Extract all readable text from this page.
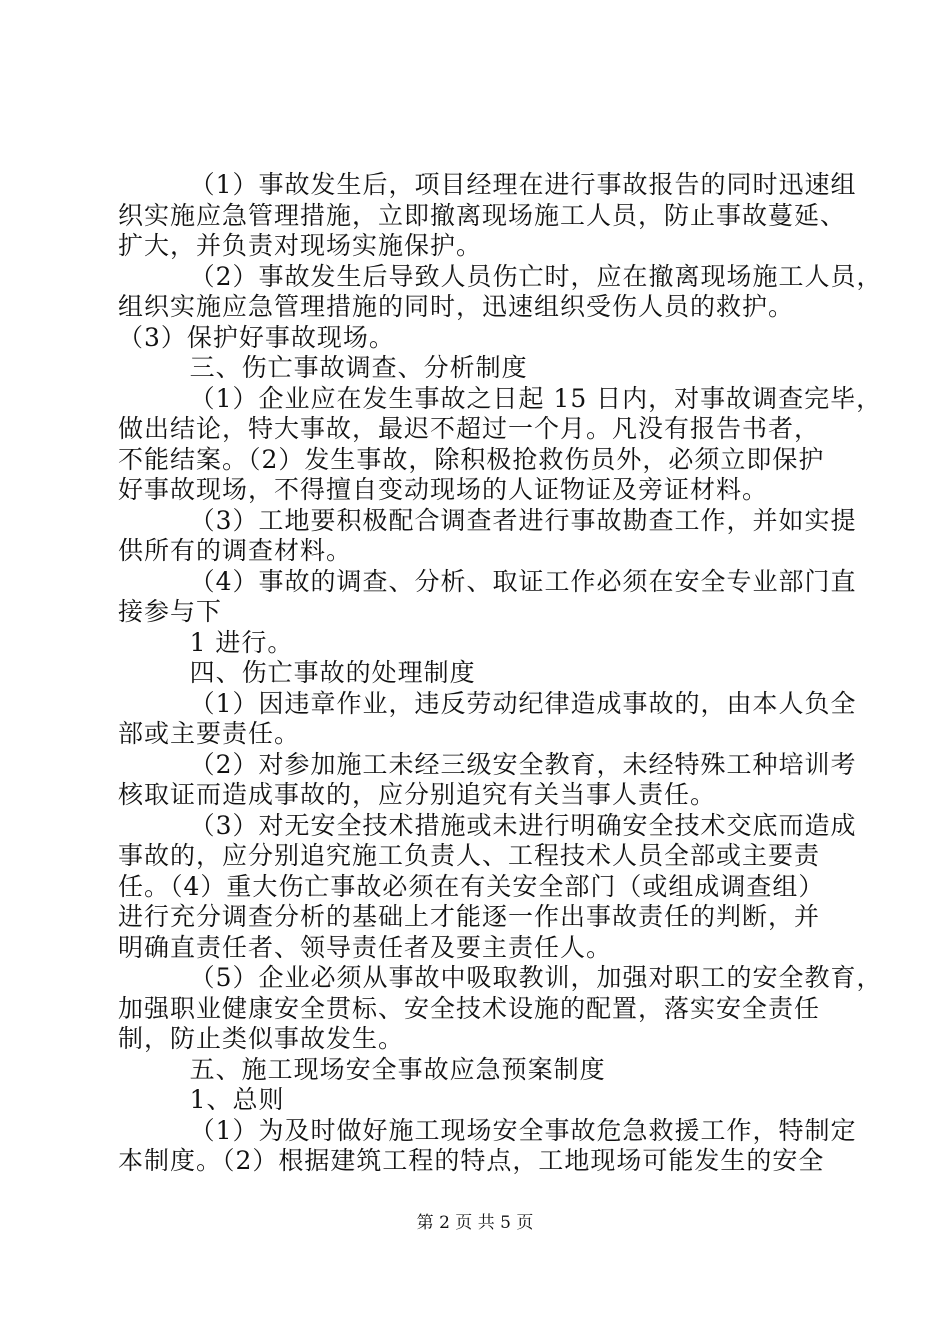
（1）事故发生后，项目经理在进行事故报告的同时迅速组
织实施应急管理措施，立即撤离现场施工人员，防止事故蔓延、
扩大，并负责对现场实施保护。
（2）事故发生后导致人员伤亡时，应在撤离现场施工人员，
组织实施应急管理措施的同时，迅速组织受伤人员的救护。
（3）保护好事故现场。
三、伤亡事故调查、分析制度
（1）企业应在发生事故之日起 15 日内，对事故调查完毕，
做出结论，特大事故，最迟不超过一个月。凡没有报告书者，
不能结案。（2）发生事故，除积极抢救伤员外，必须立即保护
好事故现场，不得擅自变动现场的人证物证及旁证材料。
（3）工地要积极配合调查者进行事故勘查工作，并如实提
供所有的调查材料。
（4）事故的调查、分析、取证工作必须在安全专业部门直
接参与下
1 进行。
四、伤亡事故的处理制度
（1）因违章作业，违反劳动纪律造成事故的，由本人负全
部或主要责任。
（2）对参加施工未经三级安全教育，未经特殊工种培训考
核取证而造成事故的，应分别追究有关当事人责任。
（3）对无安全技术措施或未进行明确安全技术交底而造成
事故的，应分别追究施工负责人、工程技术人员全部或主要责
任。（4）重大伤亡事故必须在有关安全部门（或组成调查组）
进行充分调查分析的基础上才能逐一作出事故责任的判断，并
明确直责任者、领导责任者及要主责任人。
（5）企业必须从事故中吸取教训，加强对职工的安全教育，
加强职业健康安全贯标、安全技术设施的配置，落实安全责任
制，防止类似事故发生。
五、施工现场安全事故应急预案制度
1、总则
（1）为及时做好施工现场安全事故危急救援工作，特制定
本制度。（2）根据建筑工程的特点，工地现场可能发生的安全
第 2 页 共 5 页
